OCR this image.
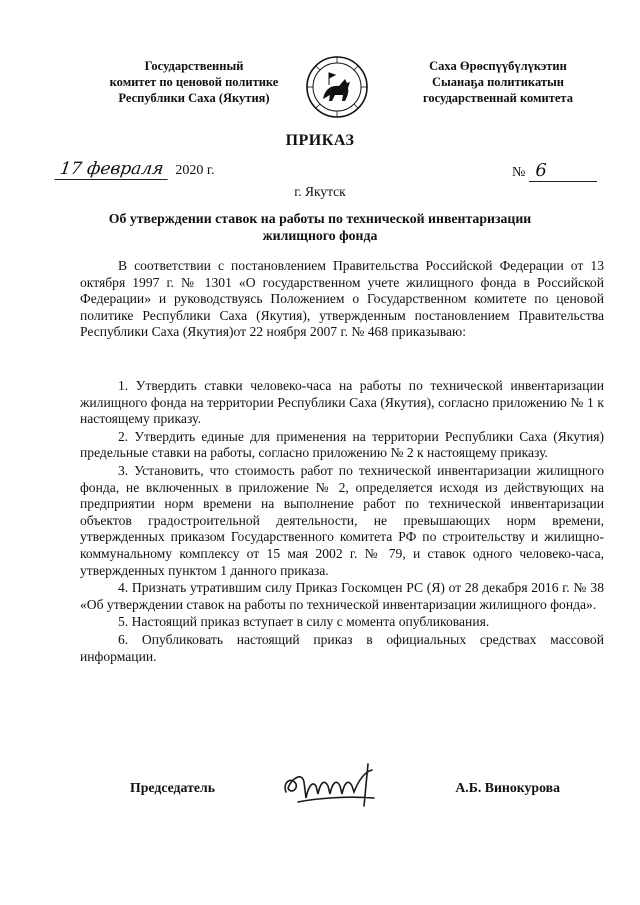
Государственный
комитет по ценовой политике
Республики Саха (Якутия)
Саха Өрөспүүбүлүкэтин
Сыанаҕа политикатын
государственнай комитета
ПРИКАЗ
17 февраля 2020 г.	№ 6
г. Якутск
Об утверждении ставок на работы по технической инвентаризации жилищного фонда
В соответствии с постановлением Правительства Российской Федерации от 13 октября 1997 г. № 1301 «О государственном учете жилищного фонда в Российской Федерации» и руководствуясь Положением о Государственном комитете по ценовой политике Республики Саха (Якутия), утвержденным постановлением Правительства Республики Саха (Якутия)от 22 ноября 2007 г. № 468 приказываю:

1. Утвердить ставки человеко-часа на работы по технической инвентаризации жилищного фонда на территории Республики Саха (Якутия), согласно приложению № 1 к настоящему приказу.

2. Утвердить единые для применения на территории Республики Саха (Якутия) предельные ставки на работы, согласно приложению № 2 к настоящему приказу.

3. Установить, что стоимость работ по технической инвентаризации жилищного фонда, не включенных в приложение № 2, определяется исходя из действующих на предприятии норм времени на выполнение работ по технической инвентаризации объектов градостроительной деятельности, не превышающих норм времени, утвержденных приказом Государственного комитета РФ по строительству и жилищно-коммунальному комплексу от 15 мая 2002 г. № 79, и ставок одного человеко-часа, утвержденных пунктом 1 данного приказа.

4. Признать утратившим силу Приказ Госкомцен РС (Я) от 28 декабря 2016 г. № 38 «Об утверждении ставок на работы по технической инвентаризации жилищного фонда».

5. Настоящий приказ вступает в силу с момента опубликования.

6. Опубликовать настоящий приказ в официальных средствах массовой информации.

Председатель	А.Б. Винокурова
